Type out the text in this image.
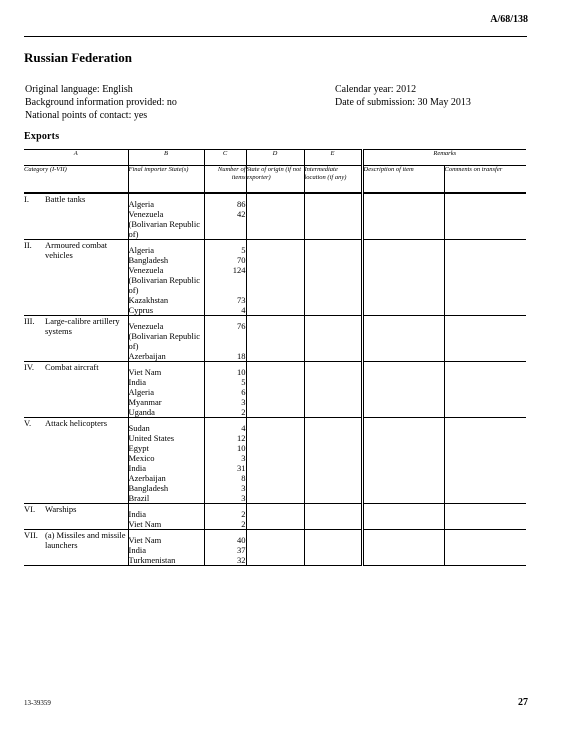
A/68/138
Russian Federation
Original language: English
Background information provided: no
National points of contact: yes
Calendar year: 2012
Date of submission: 30 May 2013
Exports
A	B	C	D	E	Remarks	
Category (I-VII)	Final importer State(s)	Number of items	State of origin (if not exporter)	Intermediate location (if any)	Description of item	Comments on transfer
I. Battle tanks	Algeria	86				
	Venezuela (Bolivarian Republic of)	42				
II. Armoured combat vehicles	Algeria	5				
	Bangladesh	70				
	Venezuela (Bolivarian Republic of)	124				
	Kazakhstan	73				
	Cyprus	4				
III. Large-calibre artillery systems	Venezuela (Bolivarian Republic of)	76				
	Azerbaijan	18				
IV. Combat aircraft	Viet Nam	10				
	India	5				
	Algeria	6				
	Myanmar	3				
	Uganda	2				
V. Attack helicopters	Sudan	4				
	United States	12				
	Egypt	10				
	Mexico	3				
	India	31				
	Azerbaijan	8				
	Bangladesh	3				
	Brazil	3				
VI. Warships	India	2				
	Viet Nam	2				
VII. (a) Missiles and missile launchers	Viet Nam	40				
	India	37				
	Turkmenistan	32				
13-39359	27
